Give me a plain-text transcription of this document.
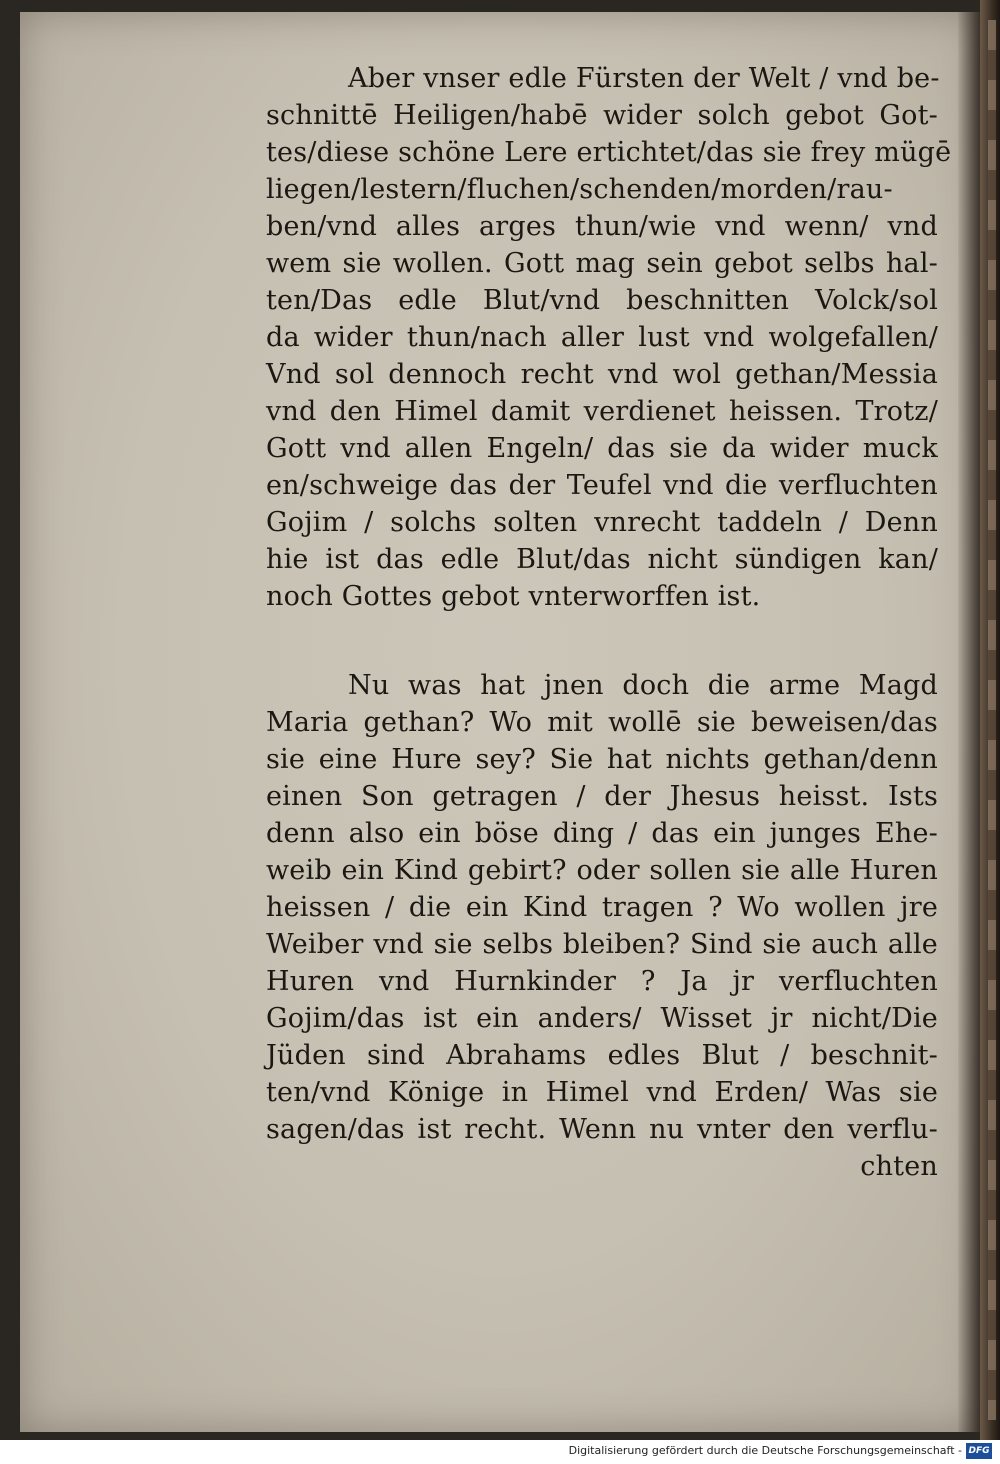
Aber vnser edle Fürsten der Welt / vnd be-
schnittē Heiligen/habē wider solch gebot Got-
tes/diese schöne Lere ertichtet/das sie frey mügē
liegen/lestern/fluchen/schenden/morden/rau-
ben/vnd alles arges thun/wie vnd wenn/ vnd
wem sie wollen. Gott mag sein gebot selbs hal-
ten/Das edle Blut/vnd beschnitten Volck/sol
da wider thun/nach aller lust vnd wolgefallen/
Vnd sol dennoch recht vnd wol gethan/Messia
vnd den Himel damit verdienet heissen. Trotz/
Gott vnd allen Engeln/ das sie da wider muck
en/schweige das der Teufel vnd die verfluchten
Gojim / solchs solten vnrecht taddeln / Denn
hie ist das edle Blut/das nicht sündigen kan/
noch Gottes gebot vnterworffen ist.
Nu was hat jnen doch die arme Magd
Maria gethan? Wo mit wollē sie beweisen/das
sie eine Hure sey? Sie hat nichts gethan/denn
einen Son getragen / der Jhesus heisst. Ists
denn also ein böse ding / das ein junges Ehe-
weib ein Kind gebirt? oder sollen sie alle Huren
heissen / die ein Kind tragen ? Wo wollen jre
Weiber vnd sie selbs bleiben? Sind sie auch alle
Huren vnd Hurnkinder ? Ja jr verfluchten
Gojim/das ist ein anders/ Wisset jr nicht/Die
Jüden sind Abrahams edles Blut / beschnit-
ten/vnd Könige in Himel vnd Erden/ Was sie
sagen/das ist recht. Wenn nu vnter den verflu-
chten
Digitalisierung gefördert durch die Deutsche Forschungsgemeinschaft - DFG
